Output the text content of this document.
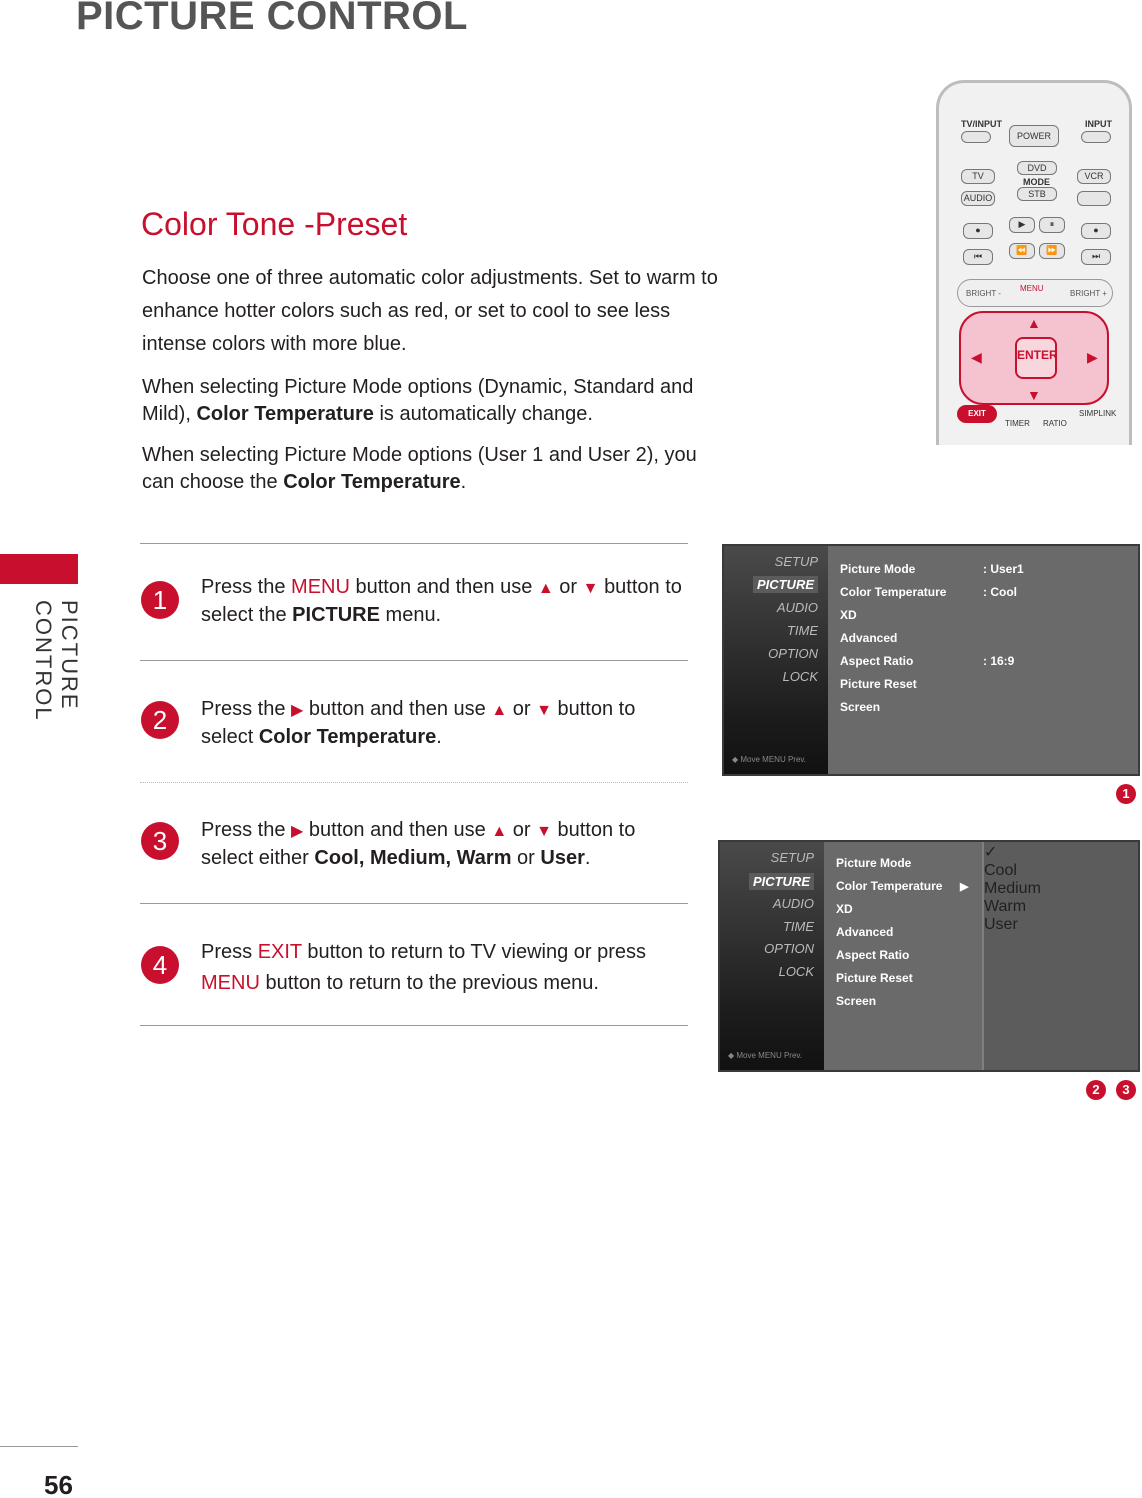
PICTURE CONTROL
PICTURE CONTROL
Color Tone -Preset
Choose one of three automatic color adjustments. Set to warm to enhance hotter colors such as red, or set to cool to see less intense colors with more blue.
When selecting Picture Mode options (Dynamic, Standard and Mild), Color Temperature is automatically change.
When selecting Picture Mode options (User 1 and User 2), you can choose the Color Temperature.
TV/INPUT
POWER
INPUT
TV
DVD
MODE
VCR
AUDIO	STB
●
▶	⏸
●
⏮
⏪	⏩
⏭
BRIGHT -
MENU
BRIGHT +
▲
▼
◀	▶
ENTER
EXIT
TIMER RATIO
SIMPLINK
1	Press the MENU button and then use ▲ or ▼ button to select the PICTURE menu.
2	Press the ▶ button and then use ▲ or ▼ button to select Color Temperature.
3	Press the ▶ button and then use ▲ or ▼ button to select either Cool, Medium, Warm or User.
4	Press EXIT button to return to TV viewing or press MENU button to return to the previous menu.
SETUP
PICTURE
AUDIO
TIME
OPTION
LOCK
◆ Move MENU Prev.
Picture Mode	: User1
Color Temperature	: Cool
XD
Advanced
Aspect Ratio	: 16:9
Picture Reset
Screen
1
SETUP
PICTURE
AUDIO
TIME
OPTION
LOCK
◆ Move MENU Prev.
Picture Mode
Color Temperature ▶
XD
Advanced
Aspect Ratio
Picture Reset
Screen
✓
Cool
Medium
Warm
User
2	3
56
